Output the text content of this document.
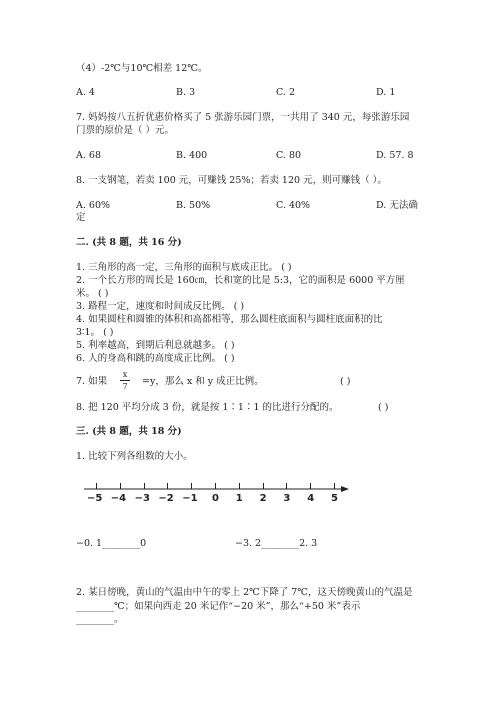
（4）-2℃与10℃相差 12℃。
A. 4	B. 3	C. 2	D. 1
7. 妈妈按八五折优惠价格买了 5 张游乐园门票，一共用了 340 元，每张游乐园
门票的原价是（ ）元。
A. 68	B. 400	C. 80	D. 57. 8
8. 一支钢笔，若卖 100 元，可赚钱 25%；若卖 120 元，则可赚钱（ ）。
A. 60%	B. 50%	C. 40%	D. 无法确
定
二. (共 8 题，共 16 分)
1. 三角形的高一定，三角形的面积与底成正比。 ( )
2. 一个长方形的周长是 160㎝，长和宽的比是 5:3，它的面积是 6000 平方厘
米。 ( )
3. 路程一定，速度和时间成反比例。 ( )
4. 如果圆柱和圆锥的体积和高都相等，那么圆柱底面积与圆柱底面积的比
3∶1。 ( )
5. 利率越高，到期后利息就越多。 ( )
6. 人的身高和跳的高度成正比例。 ( )
7. 如果
x
7 =y，那么 x 和 y 成正比例。	( )
8. 把 120 平均分成 3 份，就是按 1∶1∶1 的比进行分配的。	( )
三. (共 8 题，共 18 分)
1. 比较下列各组数的大小。
−5 −4 −3 −2 −1 0 1 2 3 4 5
−0. 1________0	−3. 2________2. 3
2. 某日傍晚，黄山的气温由中午的零上 2℃下降了 7℃，这天傍晚黄山的气温是
________℃；如果向西走 20 米记作“−20 米”，那么“+50 米”表示
________。
